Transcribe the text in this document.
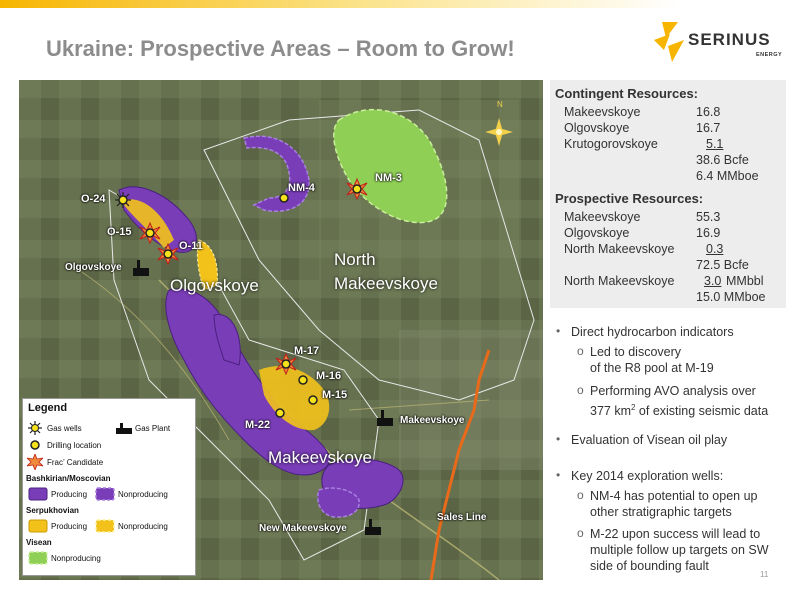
Ukraine: Prospective Areas – Room to Grow!	SERINUS
ENERGY
O-24
O-15
O-11
NM-4
NM-3
M-17
M-16
M-15
M-22
Olgovskoye
North
Makeevskoye
Makeevskoye
Olgovskoye
Makeevskoye
New Makeevskoye
Sales Line
N
Legend
Gas wells	Gas Plant
Drilling location
Frac’ Candidate
Bashkirian/Moscovian
Producing	Nonproducing
Serpukhovian
Producing	Nonproducing
Visean
Nonproducing
Contingent Resources:
Makeevskoye	16.8
Olgovskoye	16.7
Krutogorovskoye	5.1
38.6 Bcfe
6.4 MMboe
Prospective Resources:
Makeevskoye	55.3
Olgovskoye	16.9
North Makeevskoye	0.3
72.5 Bcfe
North Makeevskoye 3.0 MMbbl
15.0 MMboe
• Direct hydrocarbon indicators
o Led to discovery
of the R8 pool at M-19
o Performing AVO analysis over
377 $km^2$ of existing seismic data
• Evaluation of Visean oil play
• Key 2014 exploration wells:
o NM-4 has potential to open up
other stratigraphic targets
o M-22 upon success will lead to
multiple follow up targets on SW
side of bounding fault
11
